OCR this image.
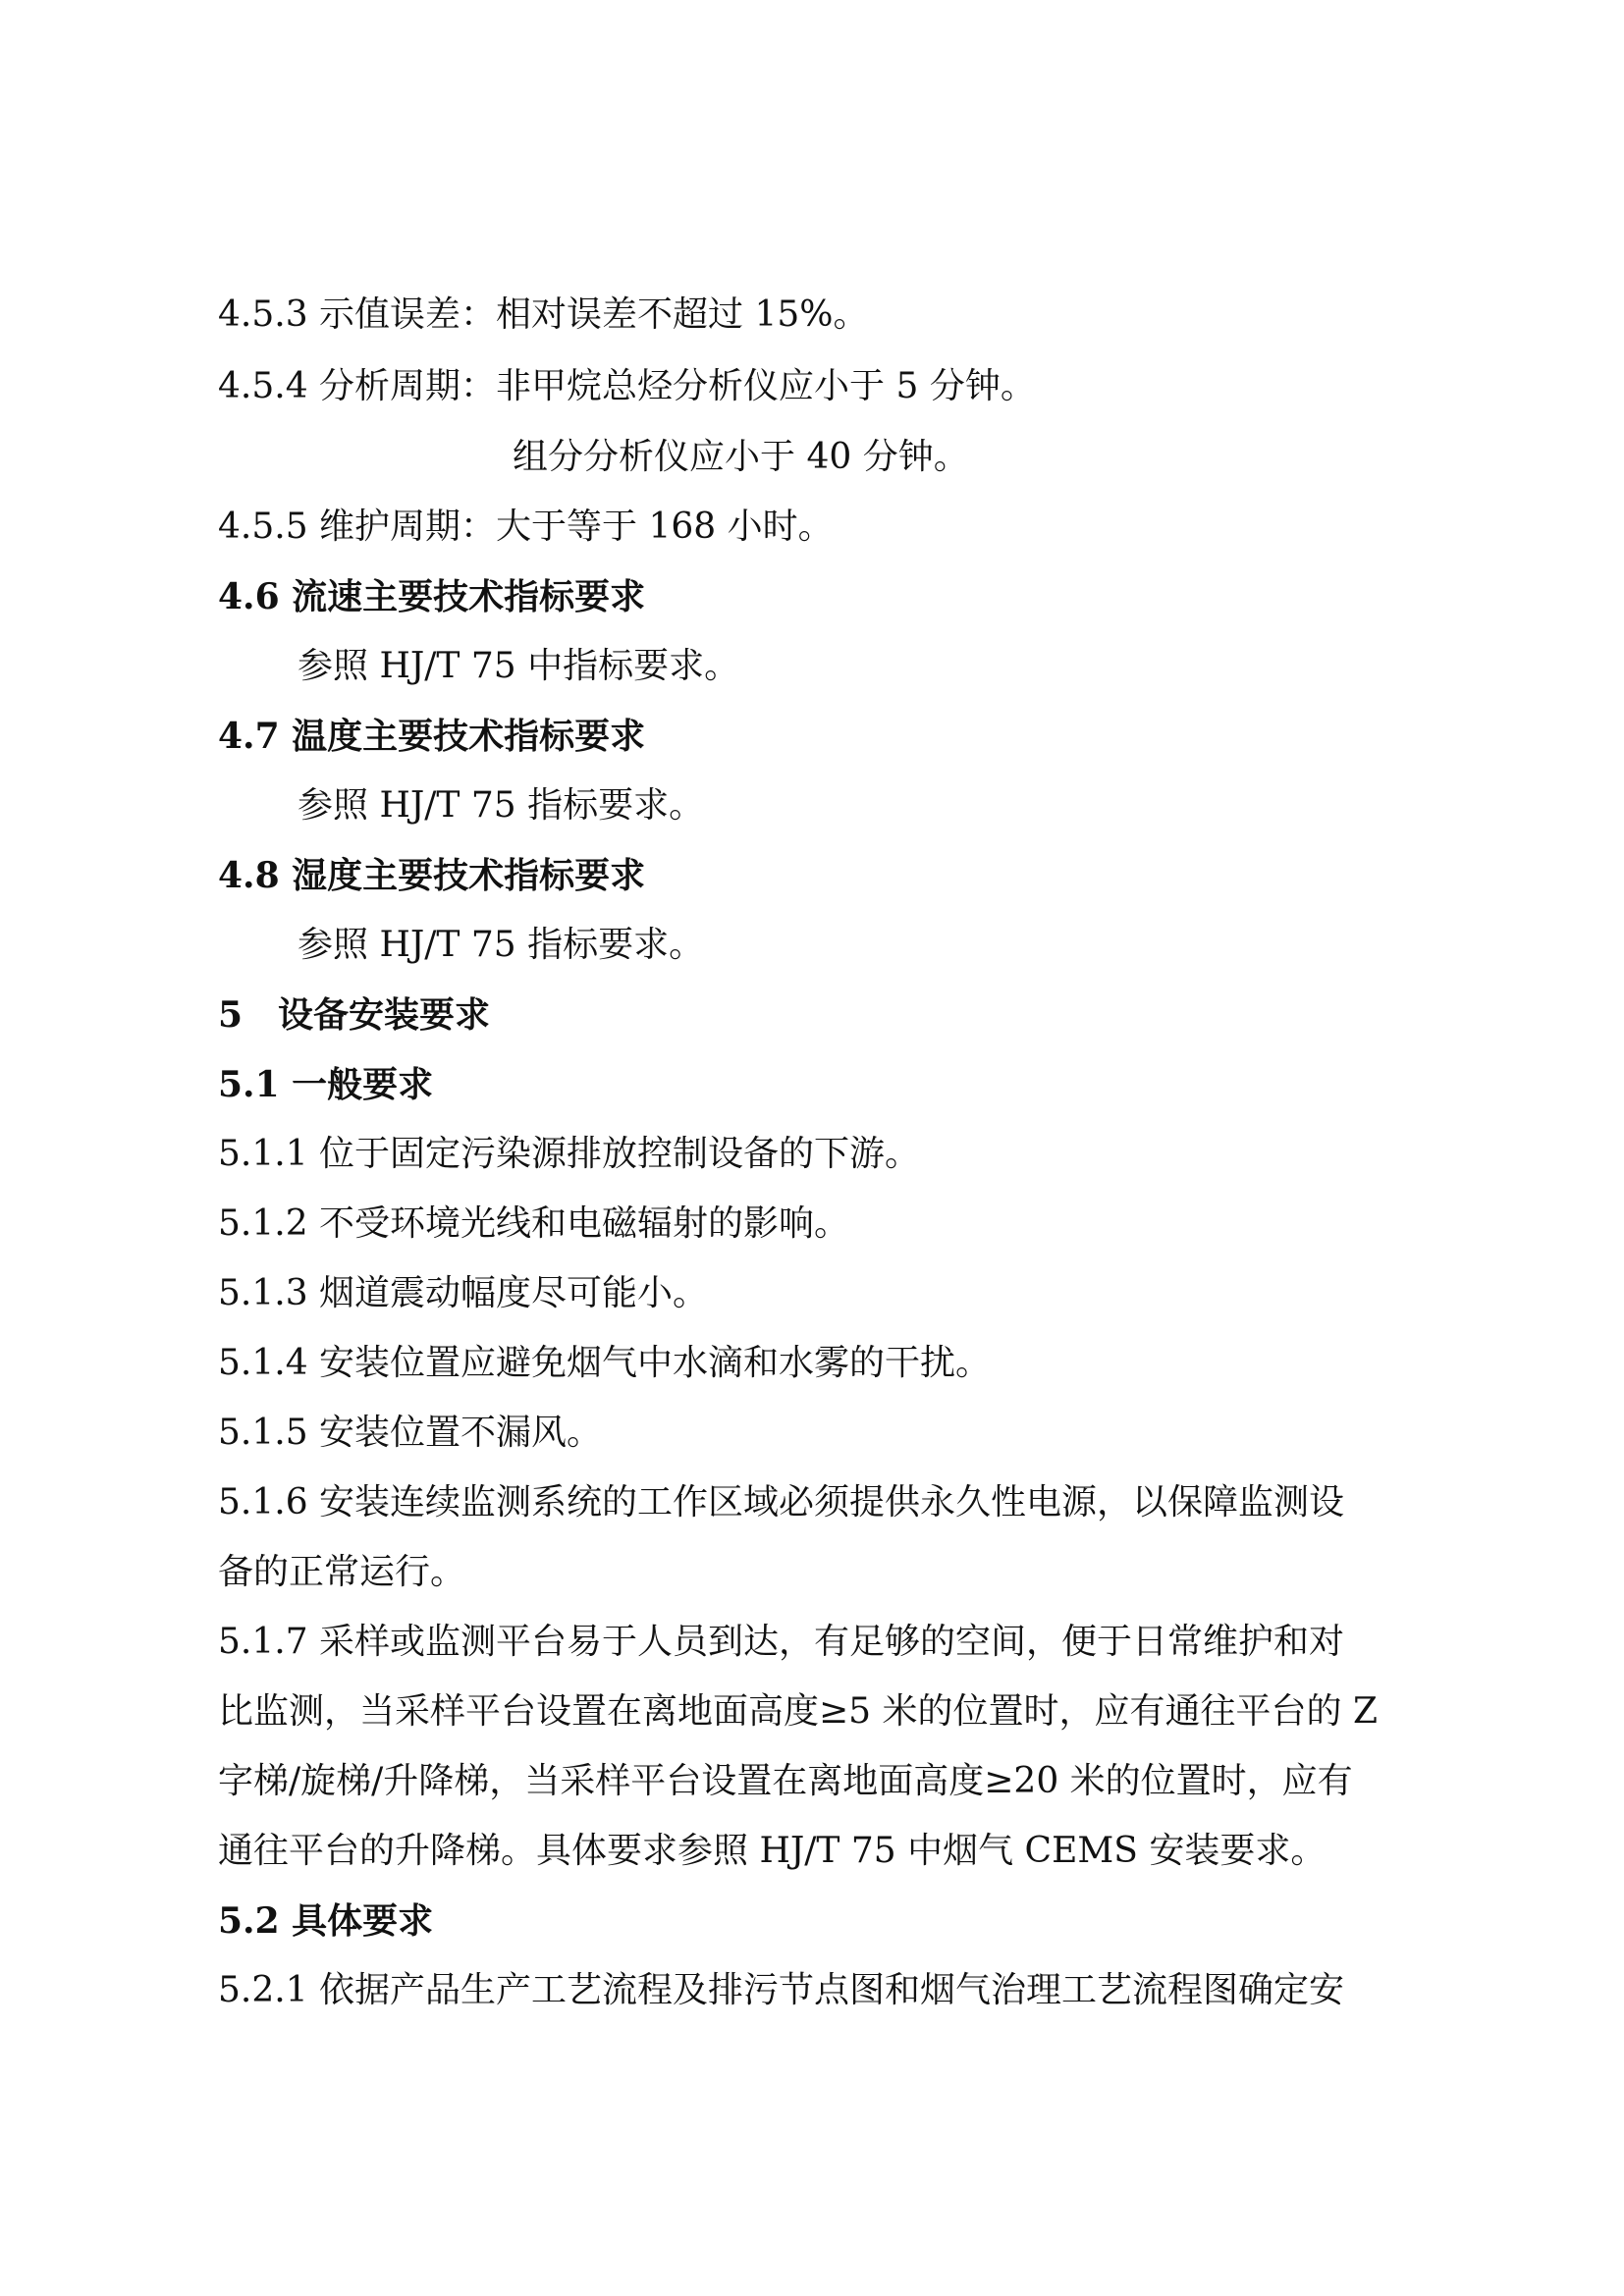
4.5.3 示值误差：相对误差不超过 15%。
4.5.4 分析周期：非甲烷总烃分析仪应小于 5 分钟。
组分分析仪应小于 40 分钟。
4.5.5 维护周期：大于等于 168 小时。
4.6 流速主要技术指标要求
参照 HJ/T 75 中指标要求。
4.7 温度主要技术指标要求
参照 HJ/T 75 指标要求。
4.8 湿度主要技术指标要求
参照 HJ/T 75 指标要求。
5　设备安装要求
5.1 一般要求
5.1.1 位于固定污染源排放控制设备的下游。
5.1.2 不受环境光线和电磁辐射的影响。
5.1.3 烟道震动幅度尽可能小。
5.1.4 安装位置应避免烟气中水滴和水雾的干扰。
5.1.5 安装位置不漏风。
5.1.6 安装连续监测系统的工作区域必须提供永久性电源，以保障监测设
备的正常运行。
5.1.7 采样或监测平台易于人员到达，有足够的空间，便于日常维护和对
比监测，当采样平台设置在离地面高度≥5 米的位置时，应有通往平台的 Z
字梯/旋梯/升降梯，当采样平台设置在离地面高度≥20 米的位置时，应有
通往平台的升降梯。具体要求参照 HJ/T 75 中烟气 CEMS 安装要求。
5.2 具体要求
5.2.1 依据产品生产工艺流程及排污节点图和烟气治理工艺流程图确定安
